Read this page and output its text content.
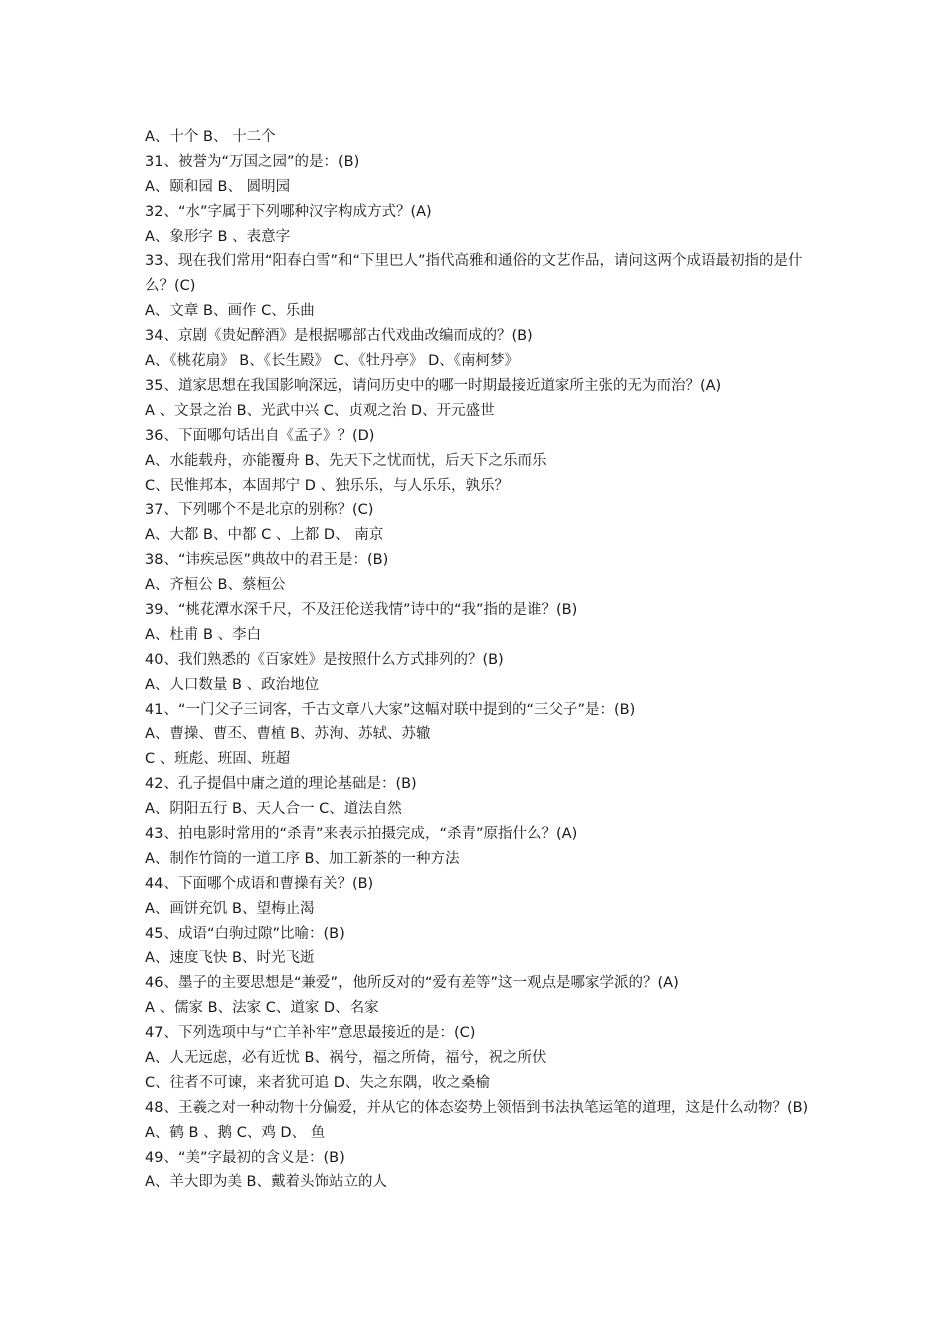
A、十个 B、 十二个

31、被誉为“万国之园”的是：(B)

A、颐和园 B、 圆明园

32、“水”字属于下列哪种汉字构成方式？(A)

A、象形字 B 、表意字

33、现在我们常用“阳春白雪”和“下里巴人”指代高雅和通俗的文艺作品，请问这两个成语最初指的是什么？(C)

A、文章 B、画作 C、乐曲

34、京剧《贵妃醉酒》是根据哪部古代戏曲改编而成的？(B)

A、《桃花扇》 B、《长生殿》 C、《牡丹亭》 D、《南柯梦》

35、道家思想在我国影响深远，请问历史中的哪一时期最接近道家所主张的无为而治？(A)

A 、文景之治 B、光武中兴 C、贞观之治 D、开元盛世

36、下面哪句话出自《孟子》？(D)

A、水能载舟，亦能覆舟 B、先天下之忧而忧，后天下之乐而乐

C、民惟邦本，本固邦宁 D 、独乐乐，与人乐乐，孰乐？

37、下列哪个不是北京的别称？(C)

A、大都 B、中都 C 、上都 D、 南京

38、“讳疾忌医”典故中的君王是：(B)

A、齐桓公 B、蔡桓公

39、“桃花潭水深千尺，不及汪伦送我情”诗中的“我”指的是谁？(B)

A、杜甫 B 、李白

40、我们熟悉的《百家姓》是按照什么方式排列的？(B)

A、人口数量 B 、政治地位

41、“一门父子三词客，千古文章八大家”这幅对联中提到的“三父子”是：(B)

A、曹操、曹丕、曹植 B、苏洵、苏轼、苏辙

C 、班彪、班固、班超

42、孔子提倡中庸之道的理论基础是：(B)

A、阴阳五行 B、天人合一 C、道法自然

43、拍电影时常用的“杀青”来表示拍摄完成，“杀青”原指什么？(A)

A、制作竹筒的一道工序 B、加工新茶的一种方法

44、下面哪个成语和曹操有关？(B)

A、画饼充饥 B、望梅止渴

45、成语“白驹过隙”比喻：(B)

A、速度飞快 B、时光飞逝

46、墨子的主要思想是“兼爱”，他所反对的“爱有差等”这一观点是哪家学派的？(A)

A 、儒家 B、法家 C、道家 D、名家

47、下列选项中与“亡羊补牢”意思最接近的是：(C)

A、人无远虑，必有近忧 B、祸兮，福之所倚，福兮，祝之所伏

C、往者不可谏，来者犹可追 D、失之东隅，收之桑榆

48、王羲之对一种动物十分偏爱，并从它的体态姿势上领悟到书法执笔运笔的道理，这是什么动物？(B)

A、鹤 B 、鹅 C、鸡 D、 鱼

49、“美”字最初的含义是：(B)

A、羊大即为美 B、戴着头饰站立的人
